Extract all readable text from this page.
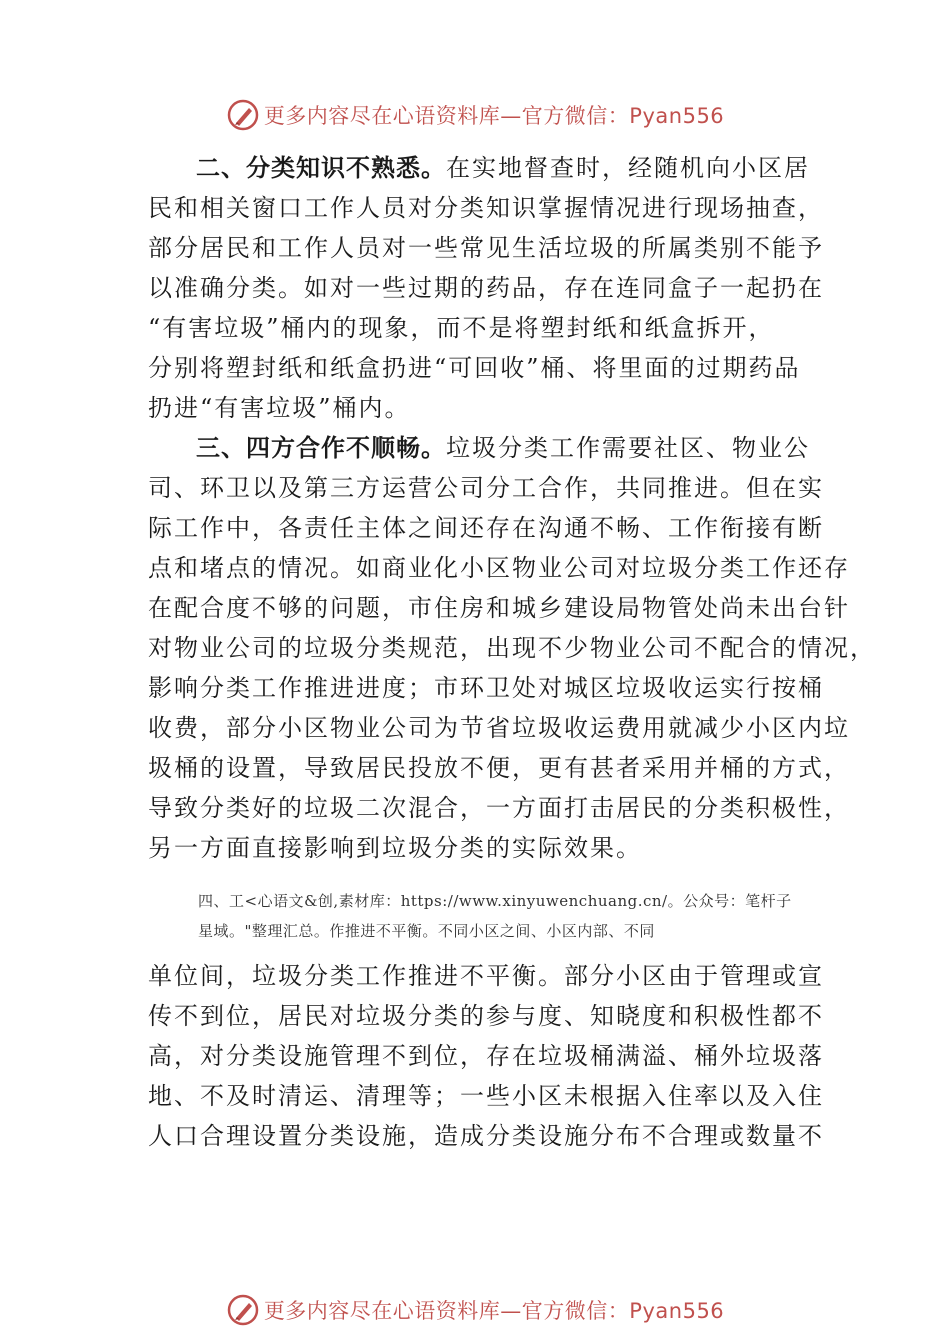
更多内容尽在心语资料库—官方微信：Pyan556

二、分类知识不熟悉。在实地督查时，经随机向小区居
民和相关窗口工作人员对分类知识掌握情况进行现场抽查，
部分居民和工作人员对一些常见生活垃圾的所属类别不能予
以准确分类。如对一些过期的药品，存在连同盒子一起扔在
“有害垃圾”桶内的现象，而不是将塑封纸和纸盒拆开，
分别将塑封纸和纸盒扔进“可回收”桶、将里面的过期药品
扔进“有害垃圾”桶内。

三、四方合作不顺畅。垃圾分类工作需要社区、物业公
司、环卫以及第三方运营公司分工合作，共同推进。但在实
际工作中，各责任主体之间还存在沟通不畅、工作衔接有断
点和堵点的情况。如商业化小区物业公司对垃圾分类工作还存
在配合度不够的问题，市住房和城乡建设局物管处尚未出台针
对物业公司的垃圾分类规范，出现不少物业公司不配合的情况，
影响分类工作推进进度；市环卫处对城区垃圾收运实行按桶
收费，部分小区物业公司为节省垃圾收运费用就减少小区内垃
圾桶的设置，导致居民投放不便，更有甚者采用并桶的方式，
导致分类好的垃圾二次混合，一方面打击居民的分类积极性，
另一方面直接影响到垃圾分类的实际效果。

四、工<心语文&创,素材库：https://www.xinyuwenchuang.cn/。公众号：笔杆子
星域。"整理汇总。作推进不平衡。不同小区之间、小区内部、不同

单位间，垃圾分类工作推进不平衡。部分小区由于管理或宣
传不到位，居民对垃圾分类的参与度、知晓度和积极性都不
高，对分类设施管理不到位，存在垃圾桶满溢、桶外垃圾落
地、不及时清运、清理等；一些小区未根据入住率以及入住
人口合理设置分类设施，造成分类设施分布不合理或数量不

更多内容尽在心语资料库—官方微信：Pyan556
